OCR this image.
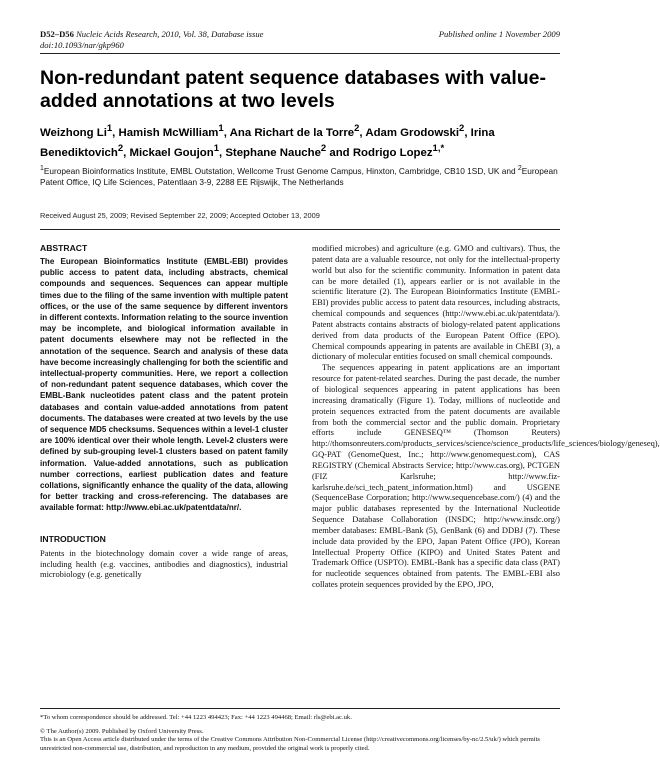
D52–D56 Nucleic Acids Research, 2010, Vol. 38, Database issue
doi:10.1093/nar/gkp960
Published online 1 November 2009
Non-redundant patent sequence databases with value-added annotations at two levels
Weizhong Li$^1$, Hamish McWilliam$^1$, Ana Richart de la Torre$^2$, Adam Grodowski$^2$, Irina Benediktovich$^2$, Mickael Goujon$^1$, Stephane Nauche$^2$ and Rodrigo Lopez$^{1,*}$
$^1$European Bioinformatics Institute, EMBL Outstation, Wellcome Trust Genome Campus, Hinxton, Cambridge, CB10 1SD, UK and $^2$European Patent Office, IQ Life Sciences, Patentlaan 3-9, 2288 EE Rijswijk, The Netherlands
Received August 25, 2009; Revised September 22, 2009; Accepted October 13, 2009
ABSTRACT

The European Bioinformatics Institute (EMBL-EBI) provides public access to patent data, including abstracts, chemical compounds and sequences. Sequences can appear multiple times due to the filing of the same invention with multiple patent offices, or the use of the same sequence by different inventors in different contexts. Information relating to the source invention may be incomplete, and biological information available in patent documents elsewhere may not be reflected in the annotation of the sequence. Search and analysis of these data have become increasingly challenging for both the scientific and intellectual-property communities. Here, we report a collection of non-redundant patent sequence databases, which cover the EMBL-Bank nucleotides patent class and the patent protein databases and contain value-added annotations from patent documents. The databases were created at two levels by the use of sequence MD5 checksums. Sequences within a level-1 cluster are 100% identical over their whole length. Level-2 clusters were defined by sub-grouping level-1 clusters based on patent family information. Value-added annotations, such as publication number corrections, earliest publication dates and feature collations, significantly enhance the quality of the data, allowing for better tracking and cross-referencing. The databases are available format: http://www.ebi.ac.uk/patentdata/nr/.

INTRODUCTION

Patents in the biotechnology domain cover a wide range of areas, including health (e.g. vaccines, antibodies and diagnostics), industrial microbiology (e.g. genetically

modified microbes) and agriculture (e.g. GMO and cultivars). Thus, the patent data are a valuable resource, not only for the intellectual-property world but also for the scientific community. Information in patent data can be more detailed (1), appears earlier or is not available in the scientific literature (2). The European Bioinformatics Institute (EMBL-EBI) provides public access to patent data resources, including abstracts, chemical compounds and sequences (http://www.ebi.ac.uk/patentdata/). Patent abstracts contains abstracts of biology-related patent applications derived from data products of the European Patent Office (EPO). Chemical compounds appearing in patents are available in ChEBI (3), a dictionary of molecular entities focused on small chemical compounds.

The sequences appearing in patent applications are an important resource for patent-related searches. During the past decade, the number of biological sequences appearing in patent applications has been increasing dramatically (Figure 1). Today, millions of nucleotide and protein sequences extracted from the patent documents are available from both the commercial sector and the public domain. Proprietary efforts include GENESEQ™ (Thomson Reuters) http://thomsonreuters.com/products_services/science/science_products/life_sciences/biology/geneseq), GQ-PAT (GenomeQuest, Inc.; http://www.genomequest.com), CAS REGISTRY (Chemical Abstracts Service; http://www.cas.org), PCTGEN (FIZ Karlsruhe; http://www.fiz-karlsruhe.de/sci_tech_patent_information.html) and USGENE (SequenceBase Corporation; http://www.sequencebase.com/) (4) and the major public databases represented by the International Nucleotide Sequence Database Collaboration (INSDC; http://www.insdc.org/) member databases: EMBL-Bank (5), GenBank (6) and DDBJ (7). These include data provided by the EPO, Japan Patent Office (JPO), Korean Intellectual Property Office (KIPO) and United States Patent and Trademark Office (USPTO). EMBL-Bank has a specific data class (PAT) for nucleotide sequences obtained from patents. The EMBL-EBI also collates protein sequences provided by the EPO, JPO,

*To whom correspondence should be addressed. Tel: +44 1223 494423; Fax: +44 1223 494468; Email: rls@ebi.ac.uk.

© The Author(s) 2009. Published by Oxford University Press.

This is an Open Access article distributed under the terms of the Creative Commons Attribution Non-Commercial License (http://creativecommons.org/licenses/by-nc/2.5/uk/) which permits unrestricted non-commercial use, distribution, and reproduction in any medium, provided the original work is properly cited.
